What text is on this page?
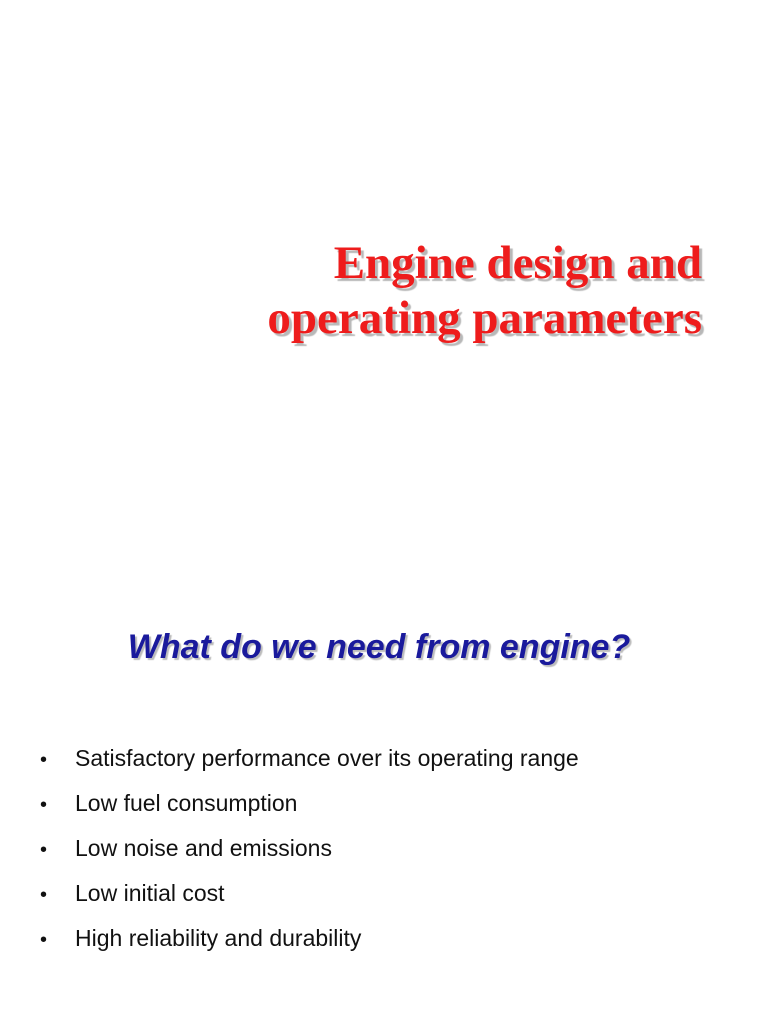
Engine design and
operating parameters
What do we need from engine?
•	Satisfactory performance over its operating range
•	Low fuel consumption
•	Low noise and emissions
•	Low initial cost
•	High reliability and durability
